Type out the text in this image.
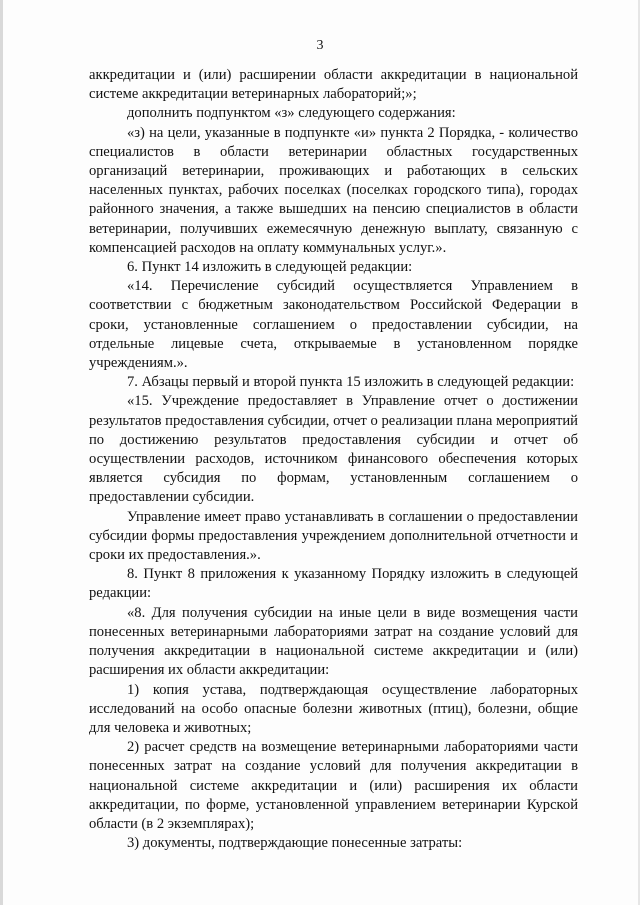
3

аккредитации и (или) расширении области аккредитации в национальной системе аккредитации ветеринарных лабораторий;»;

дополнить подпунктом «з» следующего содержания:

«з) на цели, указанные в подпункте «и» пункта 2 Порядка, - количество специалистов в области ветеринарии областных государственных организаций ветеринарии, проживающих и работающих в сельских населенных пунктах, рабочих поселках (поселках городского типа), городах районного значения, а также вышедших на пенсию специалистов в области ветеринарии, получивших ежемесячную денежную выплату, связанную с компенсацией расходов на оплату коммунальных услуг.».

6. Пункт 14 изложить в следующей редакции:

«14. Перечисление субсидий осуществляется Управлением в соответствии с бюджетным законодательством Российской Федерации в сроки, установленные соглашением о предоставлении субсидии, на отдельные лицевые счета, открываемые в установленном порядке учреждениям.».

7. Абзацы первый и второй пункта 15 изложить в следующей редакции:

«15. Учреждение предоставляет в Управление отчет о достижении результатов предоставления субсидии, отчет о реализации плана мероприятий по достижению результатов предоставления субсидии и отчет об осуществлении расходов, источником финансового обеспечения которых является субсидия по формам, установленным соглашением о предоставлении субсидии.

Управление имеет право устанавливать в соглашении о предоставлении субсидии формы предоставления учреждением дополнительной отчетности и сроки их предоставления.».

8. Пункт 8 приложения к указанному Порядку изложить в следующей редакции:

«8. Для получения субсидии на иные цели в виде возмещения части понесенных ветеринарными лабораториями затрат на создание условий для получения аккредитации в национальной системе аккредитации и (или) расширения их области аккредитации:

1) копия устава, подтверждающая осуществление лабораторных исследований на особо опасные болезни животных (птиц), болезни, общие для человека и животных;

2) расчет средств на возмещение ветеринарными лабораториями части понесенных затрат на создание условий для получения аккредитации в национальной системе аккредитации и (или) расширения их области аккредитации, по форме, установленной управлением ветеринарии Курской области (в 2 экземплярах);

3) документы, подтверждающие понесенные затраты:
